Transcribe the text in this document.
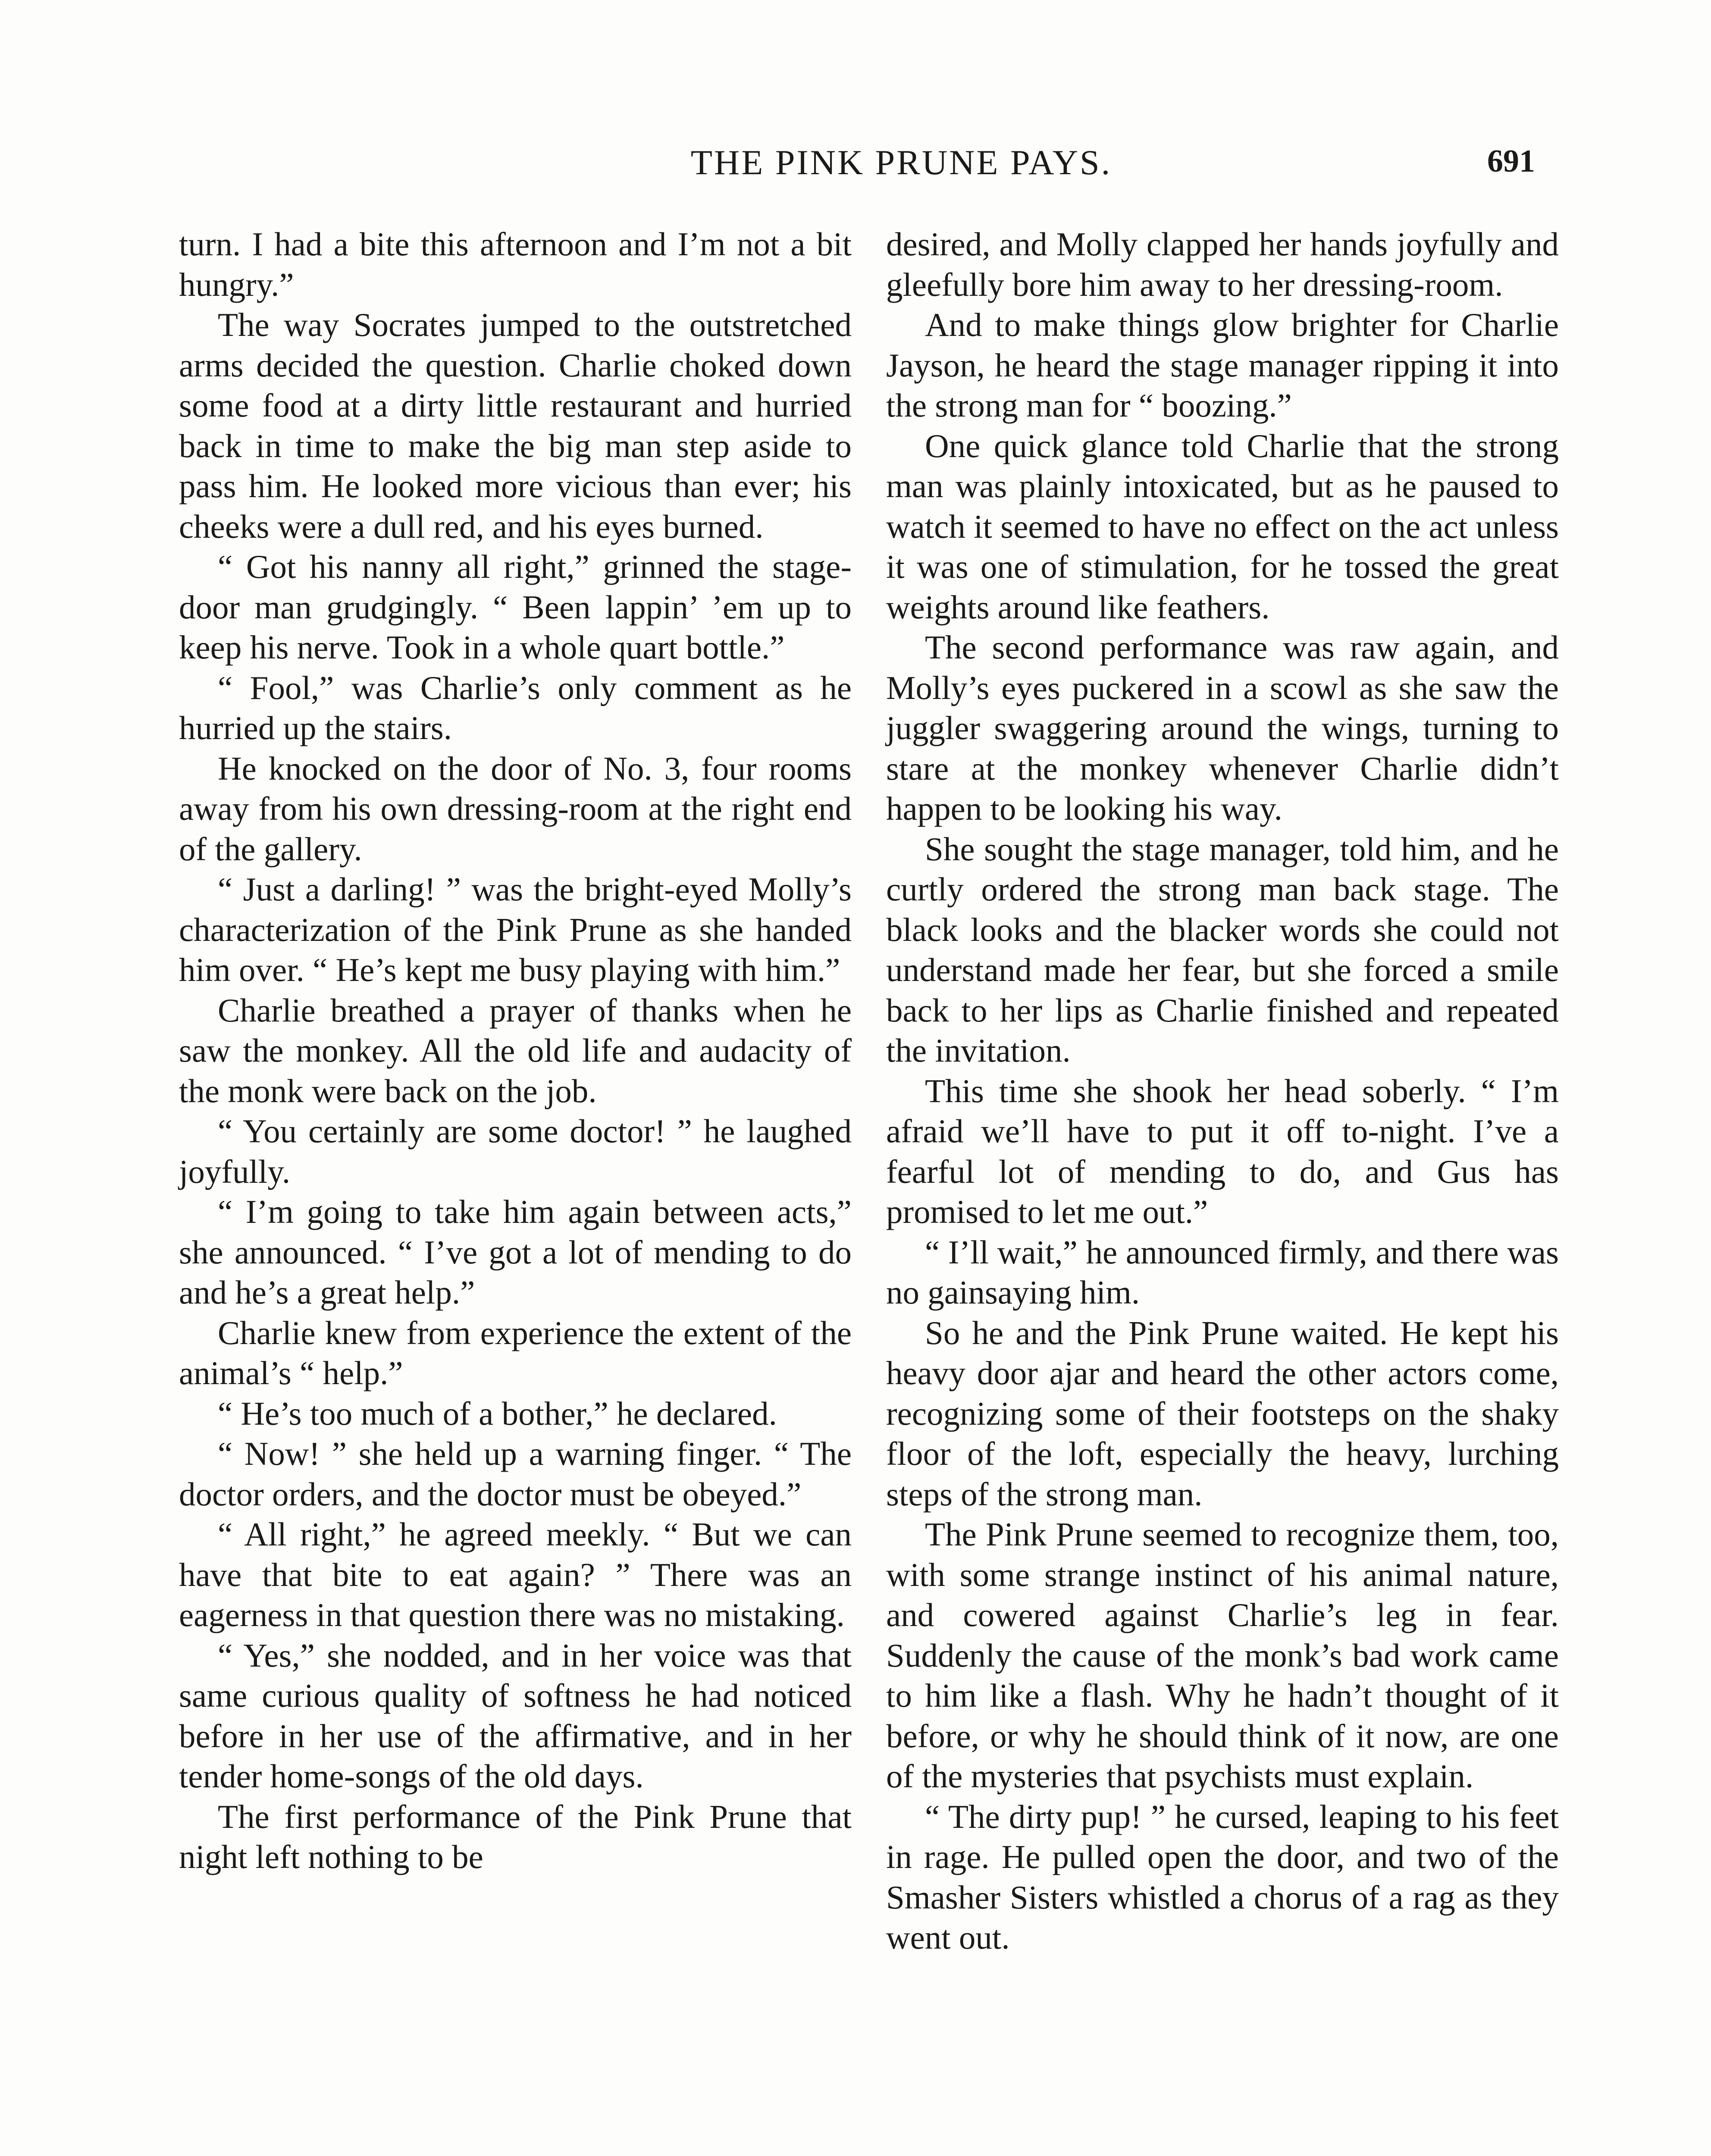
THE PINK PRUNE PAYS.	691

turn. I had a bite this afternoon and I’m not a bit hungry.”

The way Socrates jumped to the outstretched arms decided the question. Charlie choked down some food at a dirty little restaurant and hurried back in time to make the big man step aside to pass him. He looked more vicious than ever; his cheeks were a dull red, and his eyes burned.

“ Got his nanny all right,” grinned the stage-door man grudgingly. “ Been lappin’ ’em up to keep his nerve. Took in a whole quart bottle.”

“ Fool,” was Charlie’s only comment as he hurried up the stairs.

He knocked on the door of No. 3, four rooms away from his own dressing-room at the right end of the gallery.

“ Just a darling! ” was the bright-eyed Molly’s characterization of the Pink Prune as she handed him over. “ He’s kept me busy playing with him.”

Charlie breathed a prayer of thanks when he saw the monkey. All the old life and audacity of the monk were back on the job.

“ You certainly are some doctor! ” he laughed joyfully.

“ I’m going to take him again between acts,” she announced. “ I’ve got a lot of mending to do and he’s a great help.”

Charlie knew from experience the extent of the animal’s “ help.”

“ He’s too much of a bother,” he declared.

“ Now! ” she held up a warning finger. “ The doctor orders, and the doctor must be obeyed.”

“ All right,” he agreed meekly. “ But we can have that bite to eat again? ” There was an eagerness in that question there was no mistaking.

“ Yes,” she nodded, and in her voice was that same curious quality of softness he had noticed before in her use of the affirmative, and in her tender home-songs of the old days.

The first performance of the Pink Prune that night left nothing to be

desired, and Molly clapped her hands joyfully and gleefully bore him away to her dressing-room.

And to make things glow brighter for Charlie Jayson, he heard the stage manager ripping it into the strong man for “ boozing.”

One quick glance told Charlie that the strong man was plainly intoxicated, but as he paused to watch it seemed to have no effect on the act unless it was one of stimulation, for he tossed the great weights around like feathers.

The second performance was raw again, and Molly’s eyes puckered in a scowl as she saw the juggler swaggering around the wings, turning to stare at the monkey whenever Charlie didn’t happen to be looking his way.

She sought the stage manager, told him, and he curtly ordered the strong man back stage. The black looks and the blacker words she could not understand made her fear, but she forced a smile back to her lips as Charlie finished and repeated the invitation.

This time she shook her head soberly. “ I’m afraid we’ll have to put it off to-night. I’ve a fearful lot of mending to do, and Gus has promised to let me out.”

“ I’ll wait,” he announced firmly, and there was no gainsaying him.

So he and the Pink Prune waited. He kept his heavy door ajar and heard the other actors come, recognizing some of their footsteps on the shaky floor of the loft, especially the heavy, lurching steps of the strong man.

The Pink Prune seemed to recognize them, too, with some strange instinct of his animal nature, and cowered against Charlie’s leg in fear. Suddenly the cause of the monk’s bad work came to him like a flash. Why he hadn’t thought of it before, or why he should think of it now, are one of the mysteries that psychists must explain.

“ The dirty pup! ” he cursed, leaping to his feet in rage. He pulled open the door, and two of the Smasher Sisters whistled a chorus of a rag as they went out.
